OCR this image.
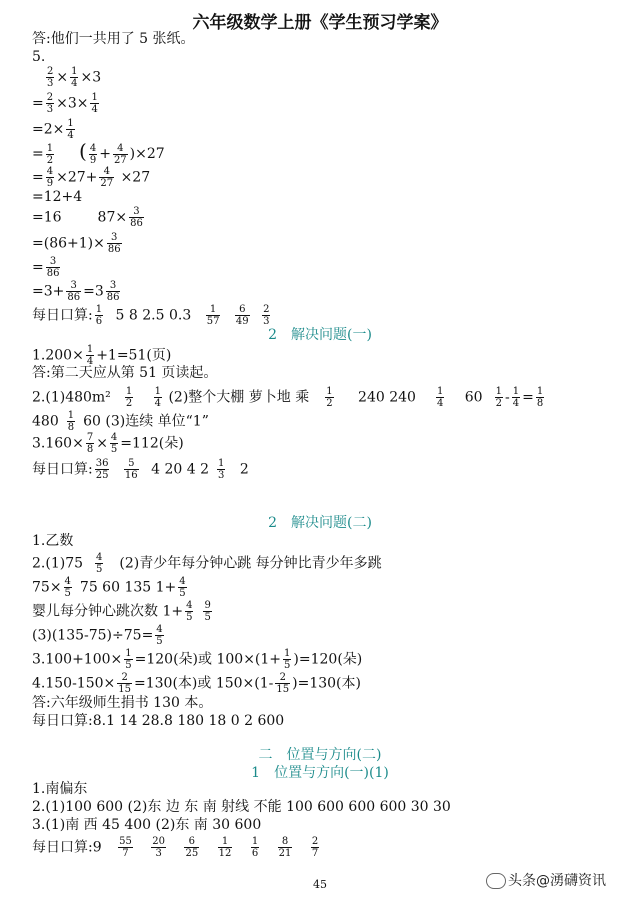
六年级数学上册《学生预习学案》
答:他们一共用了 5 张纸。
5.
$\frac{2}{3} \times \frac{1}{4} \times 3$
= $\frac{2}{3} \times 3\times \frac{1}{4}$
$=2\times \frac{1}{4}$
= $\frac{1}{2}$ ( $\frac{4}{9} + \frac{4}{27} )\times 27$
= $\frac{4}{9} \times 27+ \frac{4}{27} \times 27$
=12+4
=16	$87\times \frac{3}{86}$
$=(86+1)\times \frac{3}{86}$
= $\frac{3}{86}$
$=3+ \frac{3}{86} =3 \frac{3}{86}$
每日口算: $\frac{1}{6} 5$ 8 2.5 $0.3 \frac{1}{57}$
$\frac{6}{49}$
$\frac{2}{3}$
2　解决问题(一)
$1.200\times \frac{1}{4} +1=51$(页)
答:第二天应从第 51 页读起。
$2.(1)480m^2 \frac{1}{2}$
$\frac{1}{4} (2)$整个大棚 萝卜地 乘 $\frac{1}{2} 240$ $240 \frac{1}{4} 60 \frac{1}{2} - \frac{1}{4} = \frac{1}{8}$
$480 \frac{1}{8} 60$ (3)连续 单位“1”
$3.160\times \frac{7}{8} \times \frac{4}{5} =112$(朵)
每日口算: $\frac{36}{25}$
$\frac{5}{16} 4$ 20 4 $2 \frac{1}{3} 2$
2　解决问题(二)
1.乙数
$2.(1)75 \frac{4}{5} (2)$青少年每分钟心跳 每分钟比青少年多跳
$75\times \frac{4}{5} 75$ 60 135 $1+ \frac{4}{5}$
婴儿每分钟心跳次数 $1+ \frac{4}{5} \frac{9}{5}$
$(3)(135-75)\div 75= \frac{4}{5}$
$3.100+100\times \frac{1}{5} =120$(朵)或 $100\times(1+ \frac{1}{5} )=120$(朵)
$4.150-150\times \frac{2}{15} =130$(本)或 $150\times(1- \frac{2}{15} )=130$(本)
答:六年级师生捐书 130 本。
每日口算:8.1 14 28.8 180 18 0 2 600
二　位置与方向(二)
1　位置与方向(一)(1)
1.南偏东
2.(1)100 600 (2)东 边 东 南 射线 不能 100 600 600 600 30 30
3.(1)南 西 45 400 (2)东 南 30 600
每日口算:9 $\frac{55}{7}$
$\frac{20}{3}$
$\frac{6}{25}$
$\frac{1}{12}$
$\frac{1}{6}$
$\frac{8}{21}$
$\frac{2}{7}$
45	头条@湧礴资讯
